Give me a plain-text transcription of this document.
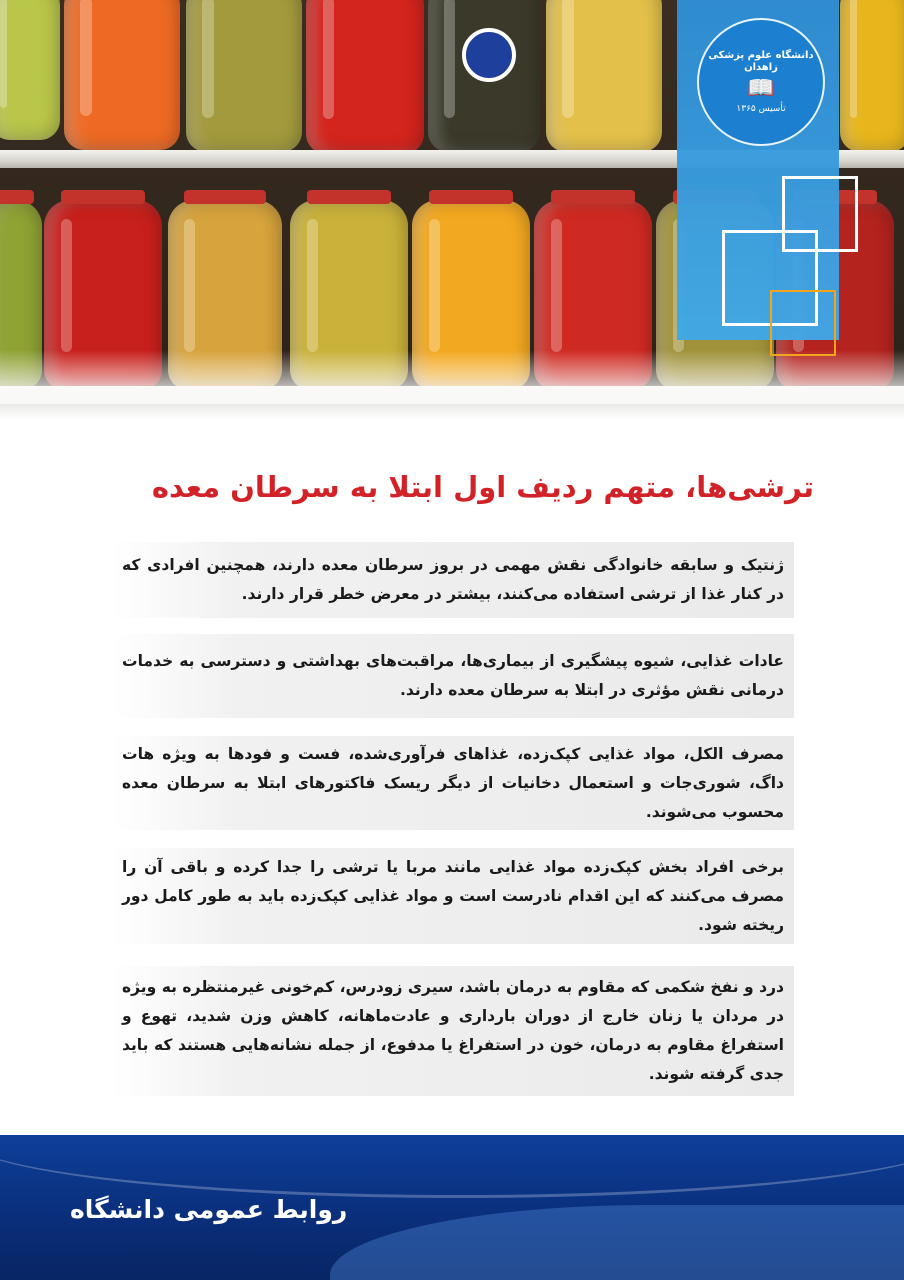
دانشگاه علوم پزشکی زاهدان
📖
تأسیس ۱۳۶۵
ترشی‌ها، متهم ردیف اول ابتلا به سرطان معده
ژنتیک و سابقه خانوادگی نقش مهمی در بروز سرطان معده دارند، همچنین افرادی که در کنار غذا از ترشی استفاده می‌کنند، بیشتر در معرض خطر قرار دارند.
عادات غذایی، شیوه پیشگیری از بیماری‌ها، مراقبت‌های بهداشتی و دسترسی به خدمات درمانی نقش مؤثری در ابتلا به سرطان معده دارند.
مصرف الکل، مواد غذایی کپک‌زده، غذاهای فرآوری‌شده، فست و فودها به ویژه هات داگ، شوری‌جات و استعمال دخانیات از دیگر ریسک فاکتورهای ابتلا به سرطان معده محسوب می‌شوند.
برخی افراد بخش کپک‌زده مواد غذایی مانند مربا یا ترشی را جدا کرده و باقی آن را مصرف می‌کنند که این اقدام نادرست است و مواد غذایی کپک‌زده باید به طور کامل دور ریخته شود.
درد و نفخ شکمی که مقاوم به درمان باشد، سیری زودرس، کم‌خونی غیرمنتظره به ویژه در مردان یا زنان خارج از دوران بارداری و عادت‌ماهانه، کاهش وزن شدید، تهوع و استفراغ مقاوم به درمان، خون در استفراغ یا مدفوع، از جمله نشانه‌هایی هستند که باید جدی گرفته شوند.
روابط عمومی دانشگاه
